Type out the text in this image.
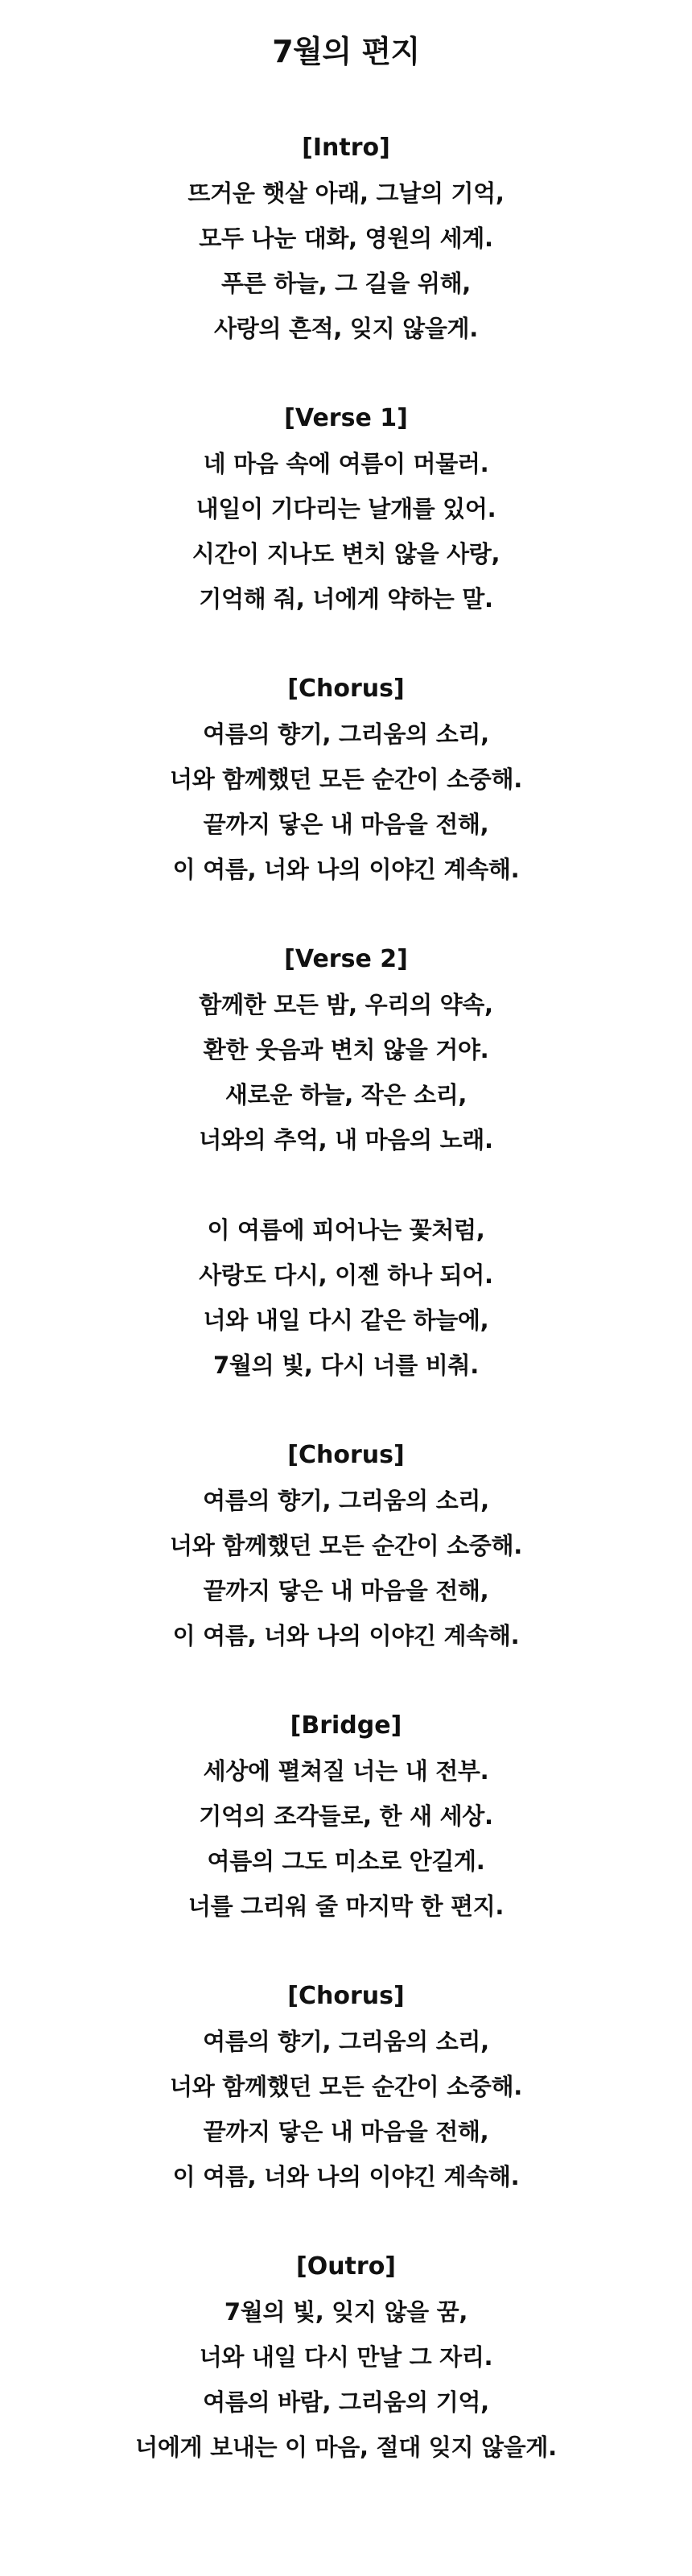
7월의 편지
[Intro]
뜨거운 햇살 아래, 그날의 기억,
모두 나눈 대화, 영원의 세계.
푸른 하늘, 그 길을 위해,
사랑의 흔적, 잊지 않을게.
[Verse 1]
네 마음 속에 여름이 머물러.
내일이 기다리는 날개를 있어.
시간이 지나도 변치 않을 사랑,
기억해 줘, 너에게 약하는 말.
[Chorus]
여름의 향기, 그리움의 소리,
너와 함께했던 모든 순간이 소중해.
끝까지 닿은 내 마음을 전해,
이 여름, 너와 나의 이야긴 계속해.
[Verse 2]
함께한 모든 밤, 우리의 약속,
환한 웃음과 변치 않을 거야.
새로운 하늘, 작은 소리,
너와의 추억, 내 마음의 노래.
이 여름에 피어나는 꽃처럼,
사랑도 다시, 이젠 하나 되어.
너와 내일 다시 같은 하늘에,
7월의 빛, 다시 너를 비춰.
[Chorus]
여름의 향기, 그리움의 소리,
너와 함께했던 모든 순간이 소중해.
끝까지 닿은 내 마음을 전해,
이 여름, 너와 나의 이야긴 계속해.
[Bridge]
세상에 펼쳐질 너는 내 전부.
기억의 조각들로, 한 새 세상.
여름의 그도 미소로 안길게.
너를 그리워 줄 마지막 한 편지.
[Chorus]
여름의 향기, 그리움의 소리,
너와 함께했던 모든 순간이 소중해.
끝까지 닿은 내 마음을 전해,
이 여름, 너와 나의 이야긴 계속해.
[Outro]
7월의 빛, 잊지 않을 꿈,
너와 내일 다시 만날 그 자리.
여름의 바람, 그리움의 기억,
너에게 보내는 이 마음, 절대 잊지 않을게.
